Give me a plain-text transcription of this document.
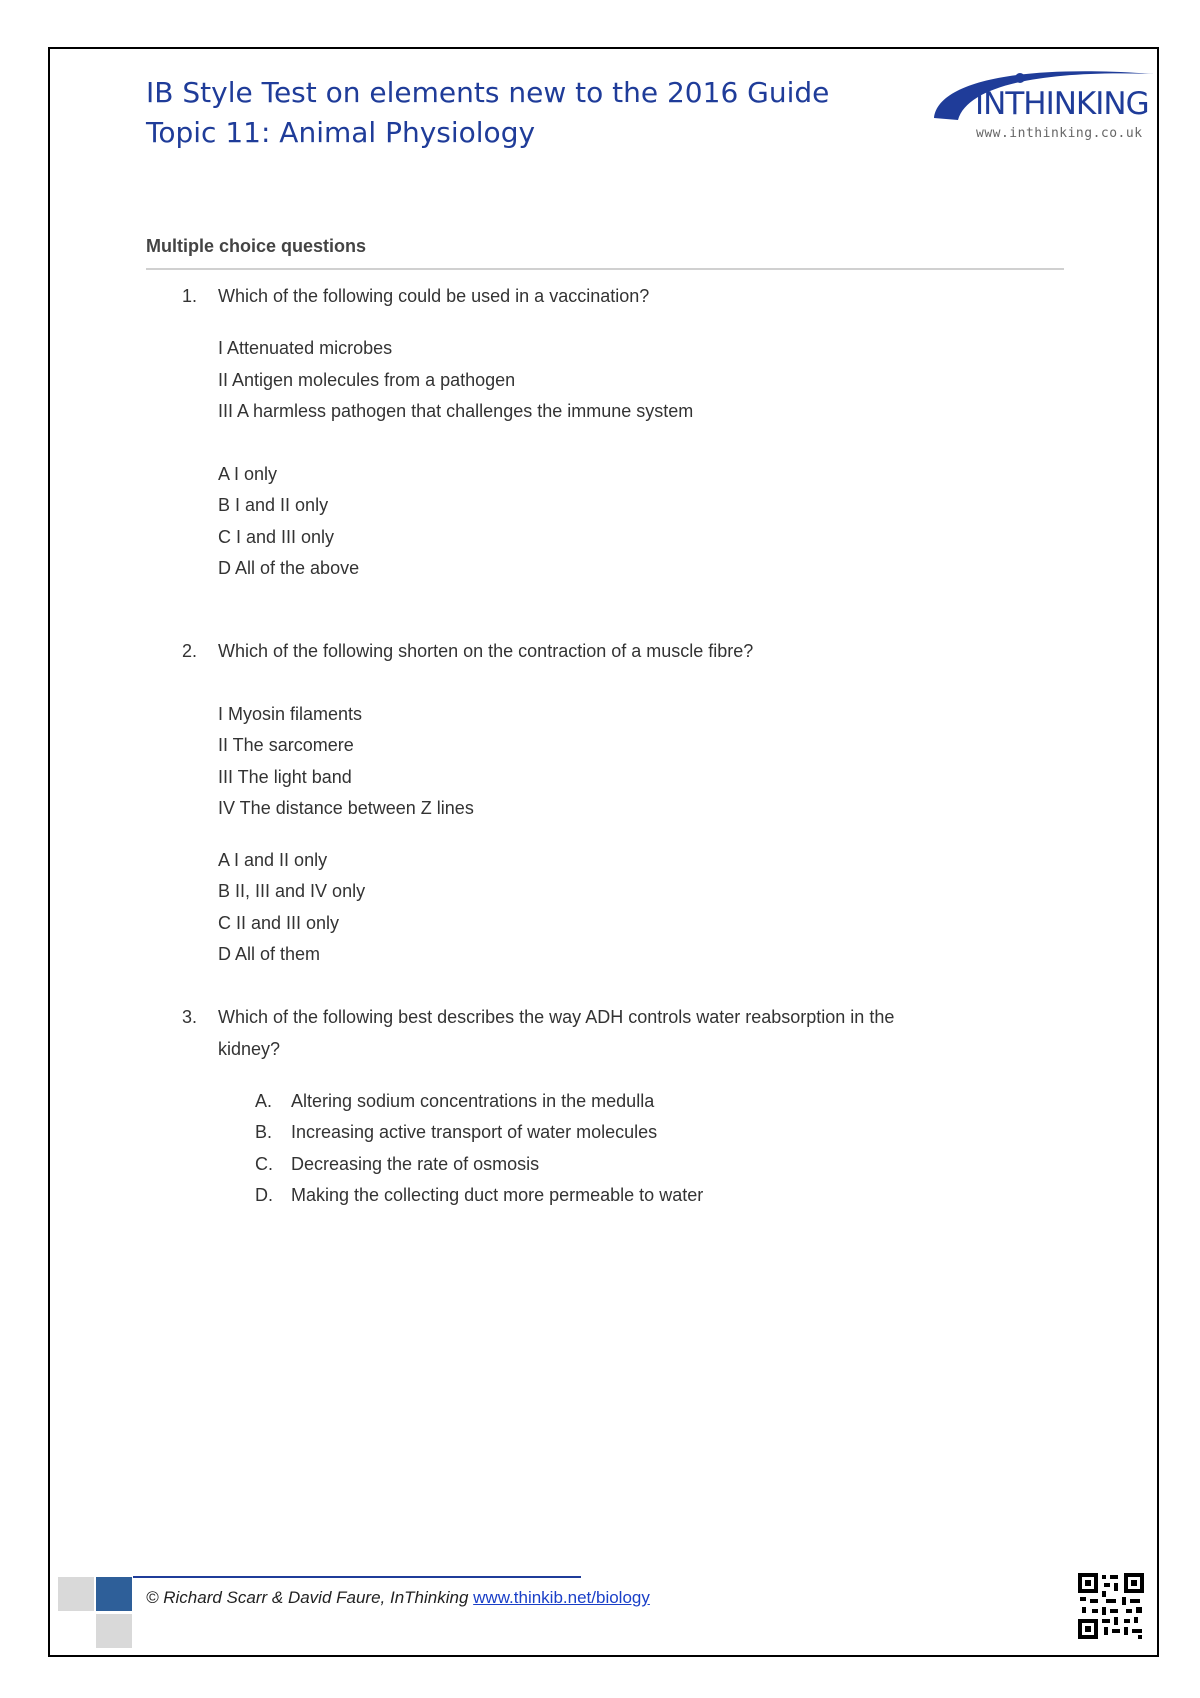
IB Style Test on elements new to the 2016 Guide
Topic 11: Animal Physiology
INTHINKING
www.inthinking.co.uk
Multiple choice questions
1. Which of the following could be used in a vaccination?
I Attenuated microbes
II Antigen molecules from a pathogen
III A harmless pathogen that challenges the immune system
A I only
B I and II only
C I and III only
D All of the above
2. Which of the following shorten on the contraction of a muscle fibre?
I Myosin filaments
II The sarcomere
III The light band
IV The distance between Z lines
A I and II only
B II, III and IV only
C II and III only
D All of them
3. Which of the following best describes the way ADH controls water reabsorption in the
kidney?
A. Altering sodium concentrations in the medulla
B. Increasing active transport of water molecules
C. Decreasing the rate of osmosis
D. Making the collecting duct more permeable to water
© Richard Scarr & David Faure, InThinking www.thinkib.net/biology
